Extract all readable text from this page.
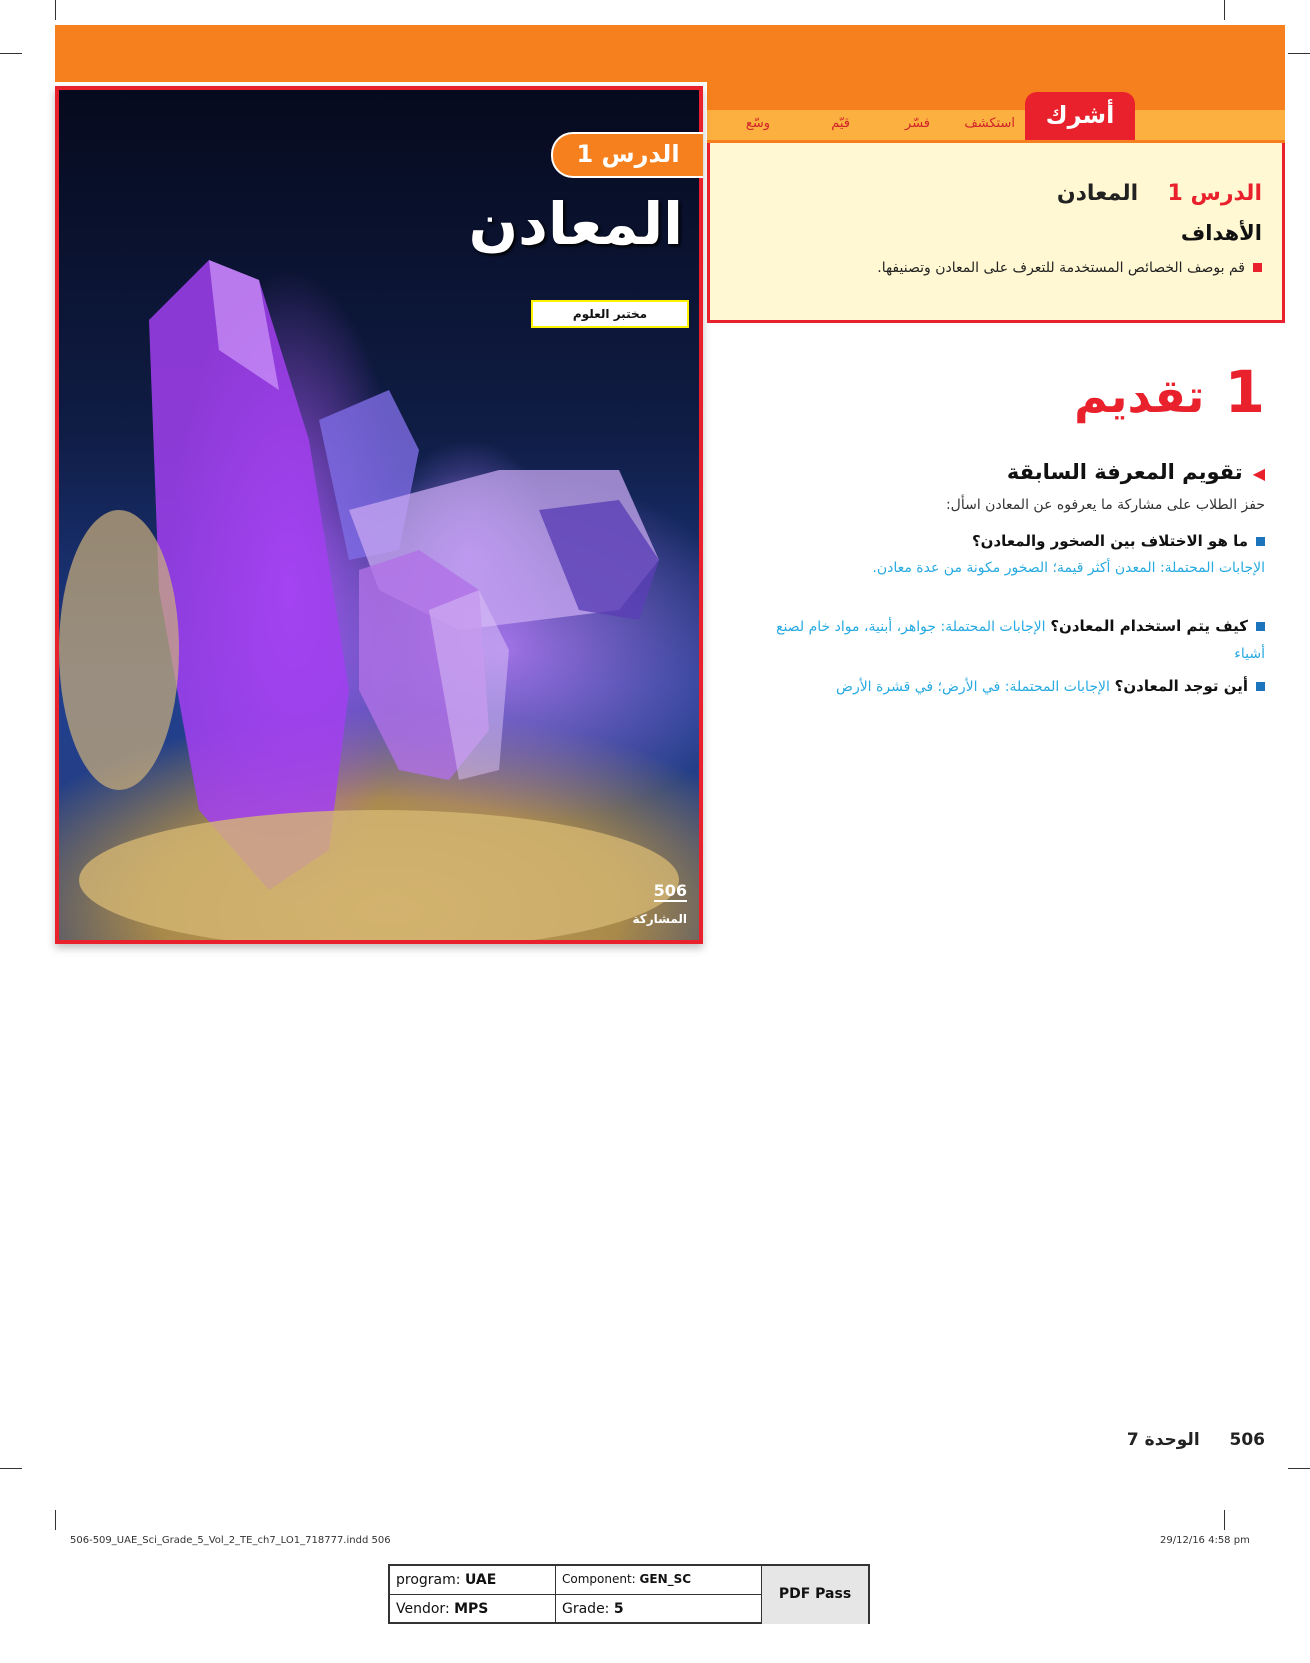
استكشف
فسّر
قيّم
وسّع	أشرك
الدرس 1
المعادن
مختبر العلوم
506
المشاركة
الدرس 1  المعادن
الأهداف
قم بوصف الخصائص المستخدمة للتعرف على المعادن وتصنيفها.
1 تقديم
◀تقويم المعرفة السابقة
حفز الطلاب على مشاركة ما يعرفوه عن المعادن اسأل:
ما هو الاختلاف بين الصخور والمعادن؟
الإجابات المحتملة: المعدن أكثر قيمة؛ الصخور مكونة من عدة معادن.
كيف يتم استخدام المعادن؟ الإجابات المحتملة: جواهر، أبنية، مواد خام لصنع أشياء
أين توجد المعادن؟ الإجابات المحتملة: في الأرض؛ في قشرة الأرض
506  الوحدة 7
506-509_UAE_Sci_Grade_5_Vol_2_TE_ch7_LO1_718777.indd 506	29/12/16 4:58 pm
program: UAE	Component: GEN_SC
Vendor: MPS	Grade: 5
PDF Pass
